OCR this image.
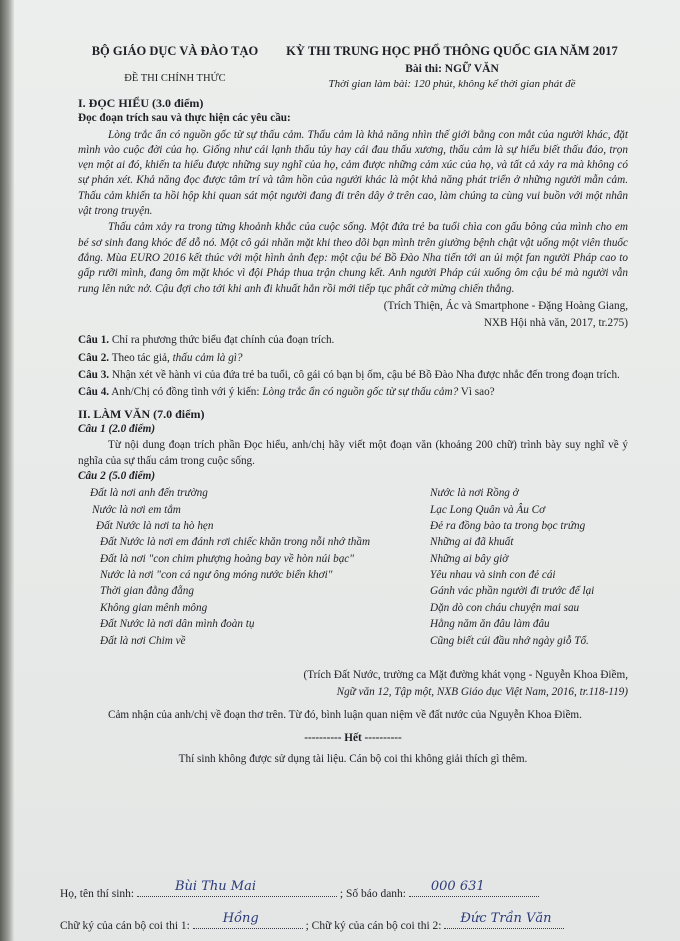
BỘ GIÁO DỤC VÀ ĐÀO TẠO
ĐỀ THI CHÍNH THỨC
KỲ THI TRUNG HỌC PHỔ THÔNG QUỐC GIA NĂM 2017
Bài thi: NGỮ VĂN
Thời gian làm bài: 120 phút, không kể thời gian phát đề
I. ĐỌC HIỂU (3.0 điểm)
Đọc đoạn trích sau và thực hiện các yêu cầu:

Lòng trắc ẩn có nguồn gốc từ sự thấu cảm. Thấu cảm là khả năng nhìn thế giới bằng con mắt của người khác, đặt mình vào cuộc đời của họ. Giống như cái lạnh thấu tủy hay cái đau thấu xương, thấu cảm là sự hiểu biết thấu đáo, trọn vẹn một ai đó, khiến ta hiểu được những suy nghĩ của họ, cảm được những cảm xúc của họ, và tất cả xảy ra mà không có sự phán xét. Khả năng đọc được tâm trí và tâm hồn của người khác là một khả năng phát triển ở những người mẫn cảm. Thấu cảm khiến ta hồi hộp khi quan sát một người đang đi trên dây ở trên cao, làm chúng ta cùng vui buồn với một nhân vật trong truyện.

Thấu cảm xảy ra trong từng khoảnh khắc của cuộc sống. Một đứa trẻ ba tuổi chìa con gấu bông của mình cho em bé sơ sinh đang khóc để dỗ nó. Một cô gái nhăn mặt khi theo dõi bạn mình trên giường bệnh chật vật uống một viên thuốc đắng. Mùa EURO 2016 kết thúc với một hình ảnh đẹp: một cậu bé Bồ Đào Nha tiến tới an ủi một fan người Pháp cao to gấp rưỡi mình, đang ôm mặt khóc vì đội Pháp thua trận chung kết. Anh người Pháp cúi xuống ôm cậu bé mà người vẫn rung lên nức nở. Cậu đợi cho tới khi anh đi khuất hẳn rồi mới tiếp tục phất cờ mừng chiến thắng.

(Trích Thiện, Ác và Smartphone - Đặng Hoàng Giang,
NXB Hội nhà văn, 2017, tr.275)
Câu 1. Chỉ ra phương thức biểu đạt chính của đoạn trích.
Câu 2. Theo tác giả, thấu cảm là gì?
Câu 3. Nhận xét về hành vi của đứa trẻ ba tuổi, cô gái có bạn bị ốm, cậu bé Bồ Đào Nha được nhắc đến trong đoạn trích.
Câu 4. Anh/Chị có đồng tình với ý kiến: Lòng trắc ẩn có nguồn gốc từ sự thấu cảm? Vì sao?
II. LÀM VĂN (7.0 điểm)
Câu 1 (2.0 điểm)

Từ nội dung đoạn trích phần Đọc hiểu, anh/chị hãy viết một đoạn văn (khoảng 200 chữ) trình bày suy nghĩ về ý nghĩa của sự thấu cảm trong cuộc sống.

Câu 2 (5.0 điểm)
Đất là nơi anh đến trường
Nước là nơi em tắm
Đất Nước là nơi ta hò hẹn
Đất Nước là nơi em đánh rơi chiếc khăn trong nỗi nhớ thầm
Đất là nơi "con chim phượng hoàng bay về hòn núi bạc"
Nước là nơi "con cá ngư ông móng nước biển khơi"
Thời gian đằng đẵng
Không gian mênh mông
Đất Nước là nơi dân mình đoàn tụ
Đất là nơi Chim về
Nước là nơi Rồng ở
Lạc Long Quân và Âu Cơ
Đẻ ra đồng bào ta trong bọc trứng
Những ai đã khuất
Những ai bây giờ
Yêu nhau và sinh con đẻ cái
Gánh vác phần người đi trước để lại
Dặn dò con cháu chuyện mai sau
Hằng năm ăn đâu làm đâu
Cũng biết cúi đầu nhớ ngày giỗ Tổ.
(Trích Đất Nước, trường ca Mặt đường khát vọng - Nguyễn Khoa Điềm,
Ngữ văn 12, Tập một, NXB Giáo dục Việt Nam, 2016, tr.118-119)

Cảm nhận của anh/chị về đoạn thơ trên. Từ đó, bình luận quan niệm về đất nước của Nguyễn Khoa Điềm.

---------- Hết ----------
Thí sinh không được sử dụng tài liệu. Cán bộ coi thi không giải thích gì thêm.
Họ, tên thí sinh:	Bùi Thu Mai	; Số báo danh: 000 631
Chữ ký của cán bộ coi thi 1:	Hồng	; Chữ ký của cán bộ coi thi 2: Đức Trần Văn
